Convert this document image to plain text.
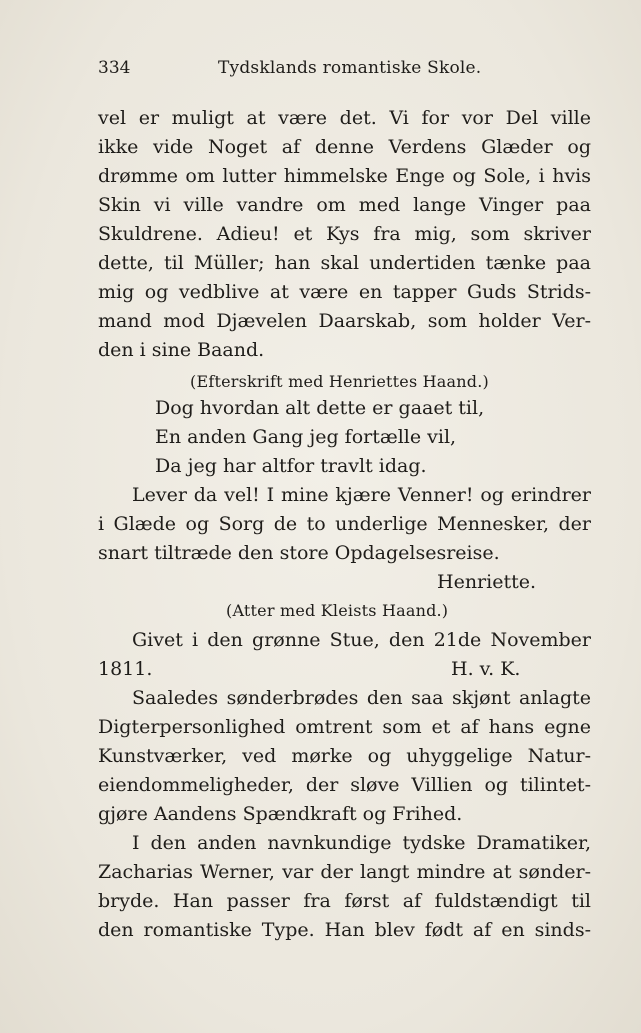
334	Tydsklands romantiske Skole.
vel er muligt at være det. Vi for vor Del ville
ikke vide Noget af denne Verdens Glæder og
drømme om lutter himmelske Enge og Sole, i hvis
Skin vi ville vandre om med lange Vinger paa
Skuldrene. Adieu! et Kys fra mig, som skriver
dette, til Müller; han skal undertiden tænke paa
mig og vedblive at være en tapper Guds Strids-
mand mod Djævelen Daarskab, som holder Ver-
den i sine Baand.
(Efterskrift med Henriettes Haand.)
Dog hvordan alt dette er gaaet til,
En anden Gang jeg fortælle vil,
Da jeg har altfor travlt idag.
Lever da vel! I mine kjære Venner! og erindrer
i Glæde og Sorg de to underlige Mennesker, der
snart tiltræde den store Opdagelsesreise.
Henriette.
(Atter med Kleists Haand.)
Givet i den grønne Stue, den 21de November
1811.	H. v. K.
Saaledes sønderbrødes den saa skjønt anlagte
Digterpersonlighed omtrent som et af hans egne
Kunstværker, ved mørke og uhyggelige Natur-
eiendommeligheder, der sløve Villien og tilintet-
gjøre Aandens Spændkraft og Frihed.
I den anden navnkundige tydske Dramatiker,
Zacharias Werner, var der langt mindre at sønder-
bryde. Han passer fra først af fuldstændigt til
den romantiske Type. Han blev født af en sinds-
